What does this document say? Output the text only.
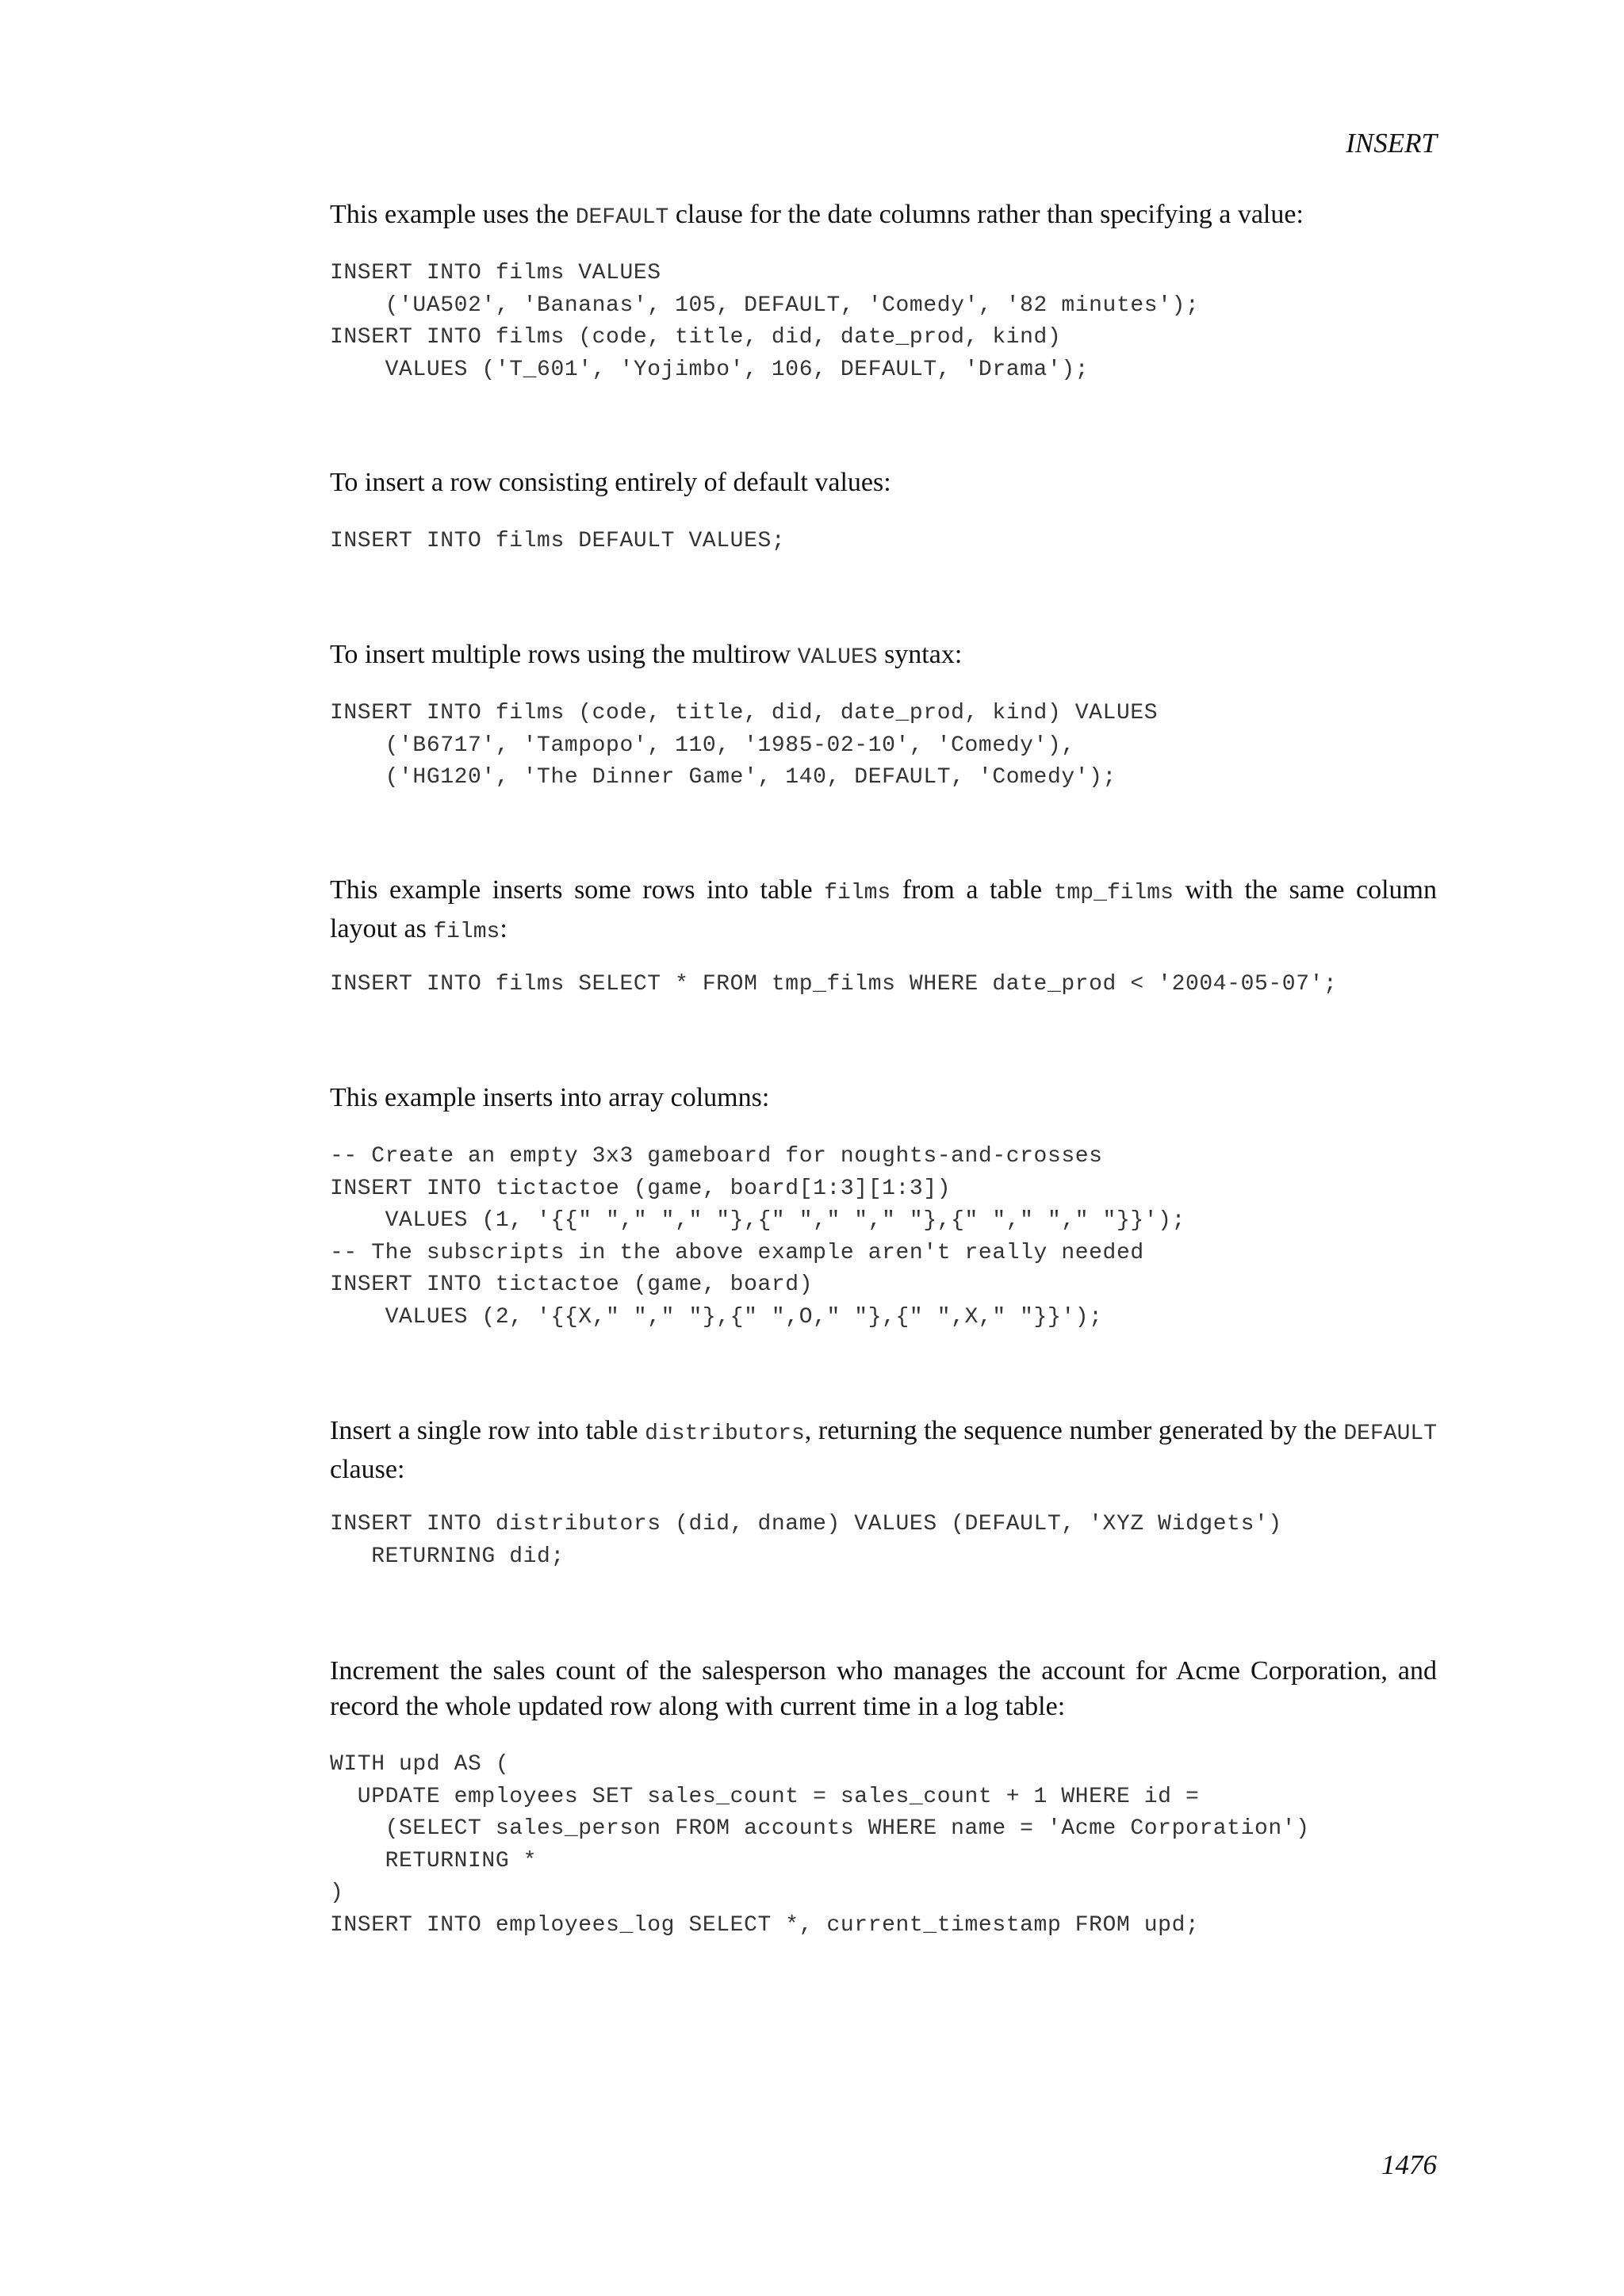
INSERT

This example uses the DEFAULT clause for the date columns rather than specifying a value:

INSERT INTO films VALUES
('UA502', 'Bananas', 105, DEFAULT, 'Comedy', '82 minutes');
INSERT INTO films (code, title, did, date_prod, kind)
VALUES ('T_601', 'Yojimbo', 106, DEFAULT, 'Drama');

To insert a row consisting entirely of default values:

INSERT INTO films DEFAULT VALUES;

To insert multiple rows using the multirow VALUES syntax:

INSERT INTO films (code, title, did, date_prod, kind) VALUES
('B6717', 'Tampopo', 110, '1985-02-10', 'Comedy'),
('HG120', 'The Dinner Game', 140, DEFAULT, 'Comedy');

This example inserts some rows into table films from a table tmp_films with the same column layout as films:

INSERT INTO films SELECT * FROM tmp_films WHERE date_prod < '2004-05-07';

This example inserts into array columns:

-- Create an empty 3x3 gameboard for noughts-and-crosses
INSERT INTO tictactoe (game, board[1:3][1:3])
VALUES (1, '{{" "," "," "},{" "," "," "},{" "," "," "}}');
-- The subscripts in the above example aren't really needed
INSERT INTO tictactoe (game, board)
VALUES (2, '{{X," "," "},{" ",O," "},{" ",X," "}}');

Insert a single row into table distributors, returning the sequence number generated by the DEFAULT clause:

INSERT INTO distributors (did, dname) VALUES (DEFAULT, 'XYZ Widgets')
RETURNING did;

Increment the sales count of the salesperson who manages the account for Acme Corporation, and record the whole updated row along with current time in a log table:

WITH upd AS (
UPDATE employees SET sales_count = sales_count + 1 WHERE id =
(SELECT sales_person FROM accounts WHERE name = 'Acme Corporation')
RETURNING *
)
INSERT INTO employees_log SELECT *, current_timestamp FROM upd;
1476
